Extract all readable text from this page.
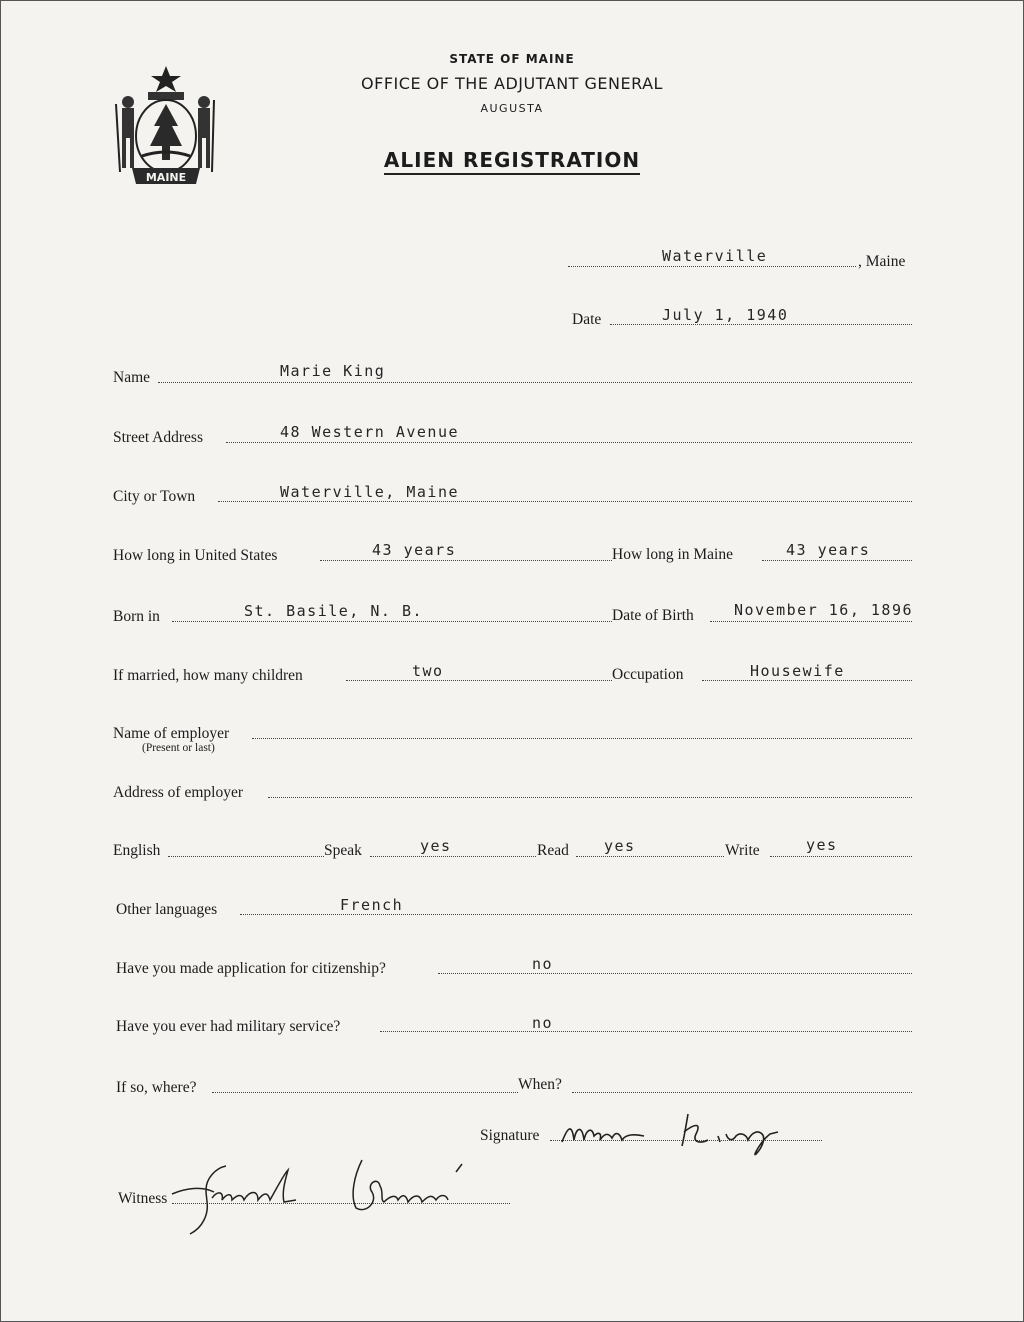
MAINE
STATE OF MAINE
OFFICE OF THE ADJUTANT GENERAL
AUGUSTA
ALIEN REGISTRATION
Waterville	, Maine
Date	July 1, 1940
Name	Marie King
Street Address	48 Western Avenue
City or Town	Waterville, Maine
How long in United States	43 years	How long in Maine	43 years
Born in	St. Basile, N. B.	Date of Birth	November 16, 1896
If married, how many children	two	Occupation	Housewife
Name of employer
(Present or last)
Address of employer
English	Speak	yes	Read yes	Write	yes
Other languages	French
Have you made application for citizenship?	no
Have you ever had military service?	no
If so, where?	When?
Signature
Witness
